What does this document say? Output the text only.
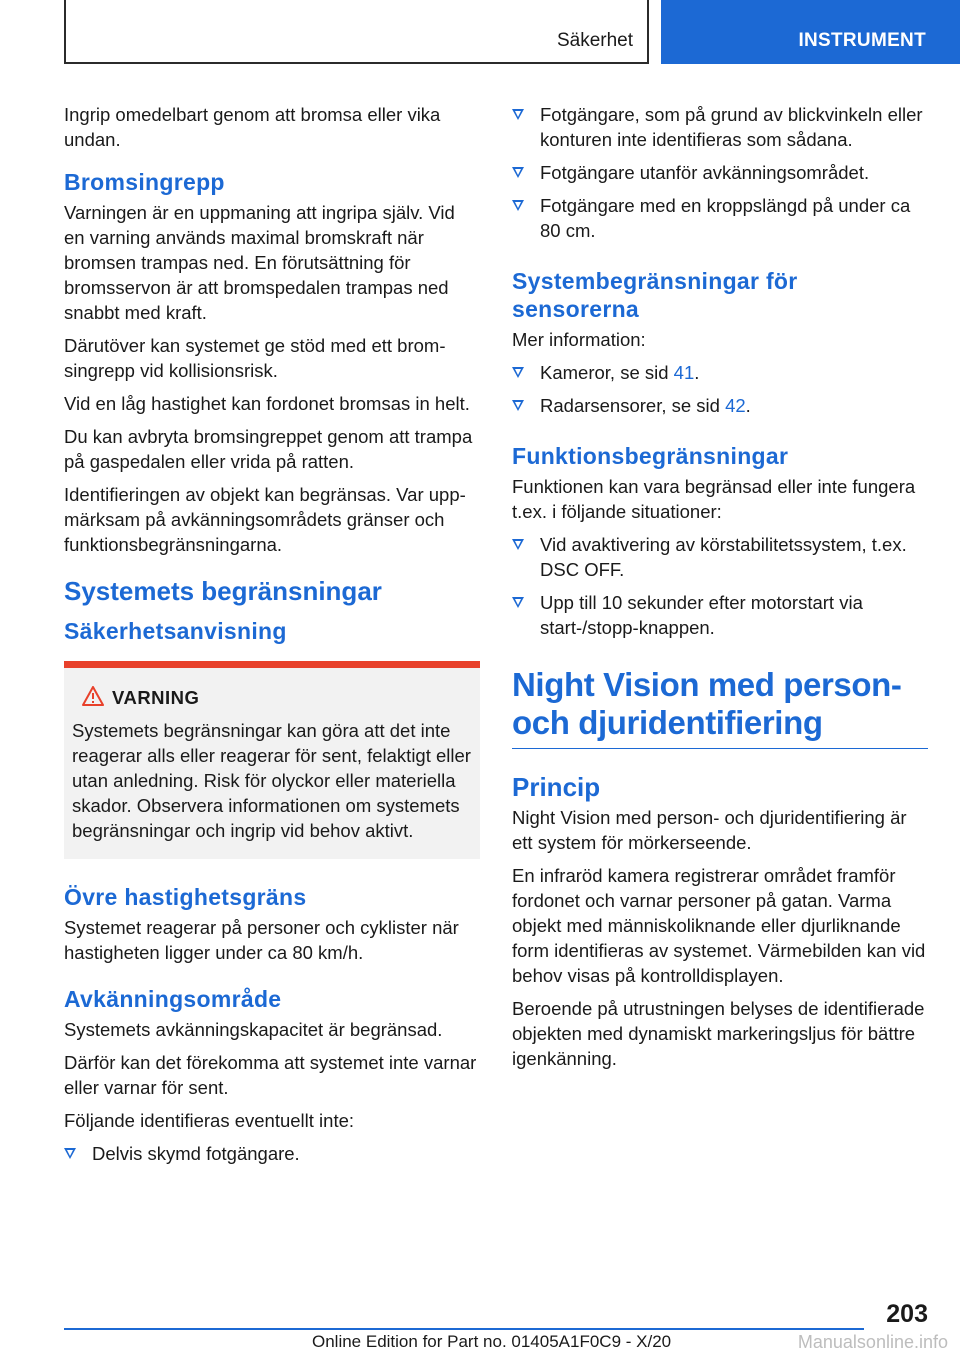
Säkerhet	INSTRUMENT
Ingrip omedelbart genom att bromsa eller vika undan.
Bromsingrepp
Varningen är en uppmaning att ingripa själv. Vid en varning används maximal bromskraft när bromsen trampas ned. En förutsättning för bromsservon är att bromspedalen trampas ned snabbt med kraft.
Därutöver kan systemet ge stöd med ett bromsingrepp vid kollisionsrisk.
Vid en låg hastighet kan fordonet bromsas in helt.
Du kan avbryta bromsingreppet genom att trampa på gaspedalen eller vrida på ratten.
Identifieringen av objekt kan begränsas. Var uppmärksam på avkänningsområdets gränser och funktionsbegränsningarna.
Systemets begränsningar
Säkerhetsanvisning
VARNING
Systemets begränsningar kan göra att det inte reagerar alls eller reagerar för sent, felaktigt eller utan anledning. Risk för olyckor eller materiella skador. Observera informationen om systemets begränsningar och ingrip vid behov aktivt.
Övre hastighetsgräns
Systemet reagerar på personer och cyklister när hastigheten ligger under ca 80 km/h.
Avkänningsområde
Systemets avkänningskapacitet är begränsad.
Därför kan det förekomma att systemet inte varnar eller varnar för sent.
Följande identifieras eventuellt inte:
Delvis skymd fotgängare.
Fotgängare, som på grund av blickvinkeln eller konturen inte identifieras som sådana.
Fotgängare utanför avkänningsområdet.
Fotgängare med en kroppslängd på under ca 80 cm.
Systembegränsningar för sensorerna
Mer information:
Kameror, se sid 41.
Radarsensorer, se sid 42.
Funktionsbegränsningar
Funktionen kan vara begränsad eller inte fungera t.ex. i följande situationer:
Vid avaktivering av körstabilitetssystem, t.ex. DSC OFF.
Upp till 10 sekunder efter motorstart via start-/stopp-knappen.
Night Vision med person- och djuridentifiering
Princip
Night Vision med person- och djuridentifiering är ett system för mörkerseende.
En infraröd kamera registrerar området framför fordonet och varnar personer på gatan. Varma objekt med människoliknande eller djurliknande form identifieras av systemet. Värmebilden kan vid behov visas på kontrolldisplayen.
Beroende på utrustningen belyses de identifierade objekten med dynamiskt markeringsljus för bättre igenkänning.
203
Online Edition for Part no. 01405A1F0C9 - X/20	Manualsonline.info
